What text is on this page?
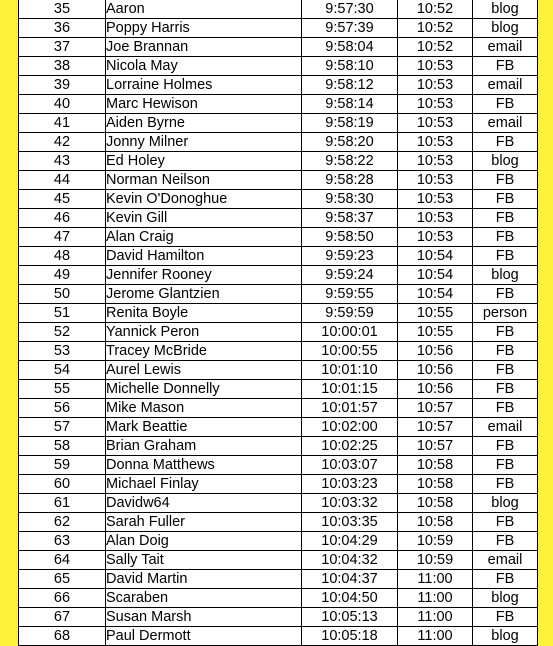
35	Aaron	9:57:30	10:52	blog
36	Poppy Harris	9:57:39	10:52	blog
37	Joe Brannan	9:58:04	10:52	email
38	Nicola May	9:58:10	10:53	FB
39	Lorraine Holmes	9:58:12	10:53	email
40	Marc Hewison	9:58:14	10:53	FB
41	Aiden Byrne	9:58:19	10:53	email
42	Jonny Milner	9:58:20	10:53	FB
43	Ed Holey	9:58:22	10:53	blog
44	Norman Neilson	9:58:28	10:53	FB
45	Kevin O'Donoghue	9:58:30	10:53	FB
46	Kevin Gill	9:58:37	10:53	FB
47	Alan Craig	9:58:50	10:53	FB
48	David Hamilton	9:59:23	10:54	FB
49	Jennifer Rooney	9:59:24	10:54	blog
50	Jerome Glantzien	9:59:55	10:54	FB
51	Renita Boyle	9:59:59	10:55	person
52	Yannick Peron	10:00:01	10:55	FB
53	Tracey McBride	10:00:55	10:56	FB
54	Aurel Lewis	10:01:10	10:56	FB
55	Michelle Donnelly	10:01:15	10:56	FB
56	Mike Mason	10:01:57	10:57	FB
57	Mark Beattie	10:02:00	10:57	email
58	Brian Graham	10:02:25	10:57	FB
59	Donna Matthews	10:03:07	10:58	FB
60	Michael Finlay	10:03:23	10:58	FB
61	Davidw64	10:03:32	10:58	blog
62	Sarah Fuller	10:03:35	10:58	FB
63	Alan Doig	10:04:29	10:59	FB
64	Sally Tait	10:04:32	10:59	email
65	David Martin	10:04:37	11:00	FB
66	Scaraben	10:04:50	11:00	blog
67	Susan Marsh	10:05:13	11:00	FB
68	Paul Dermott	10:05:18	11:00	blog
